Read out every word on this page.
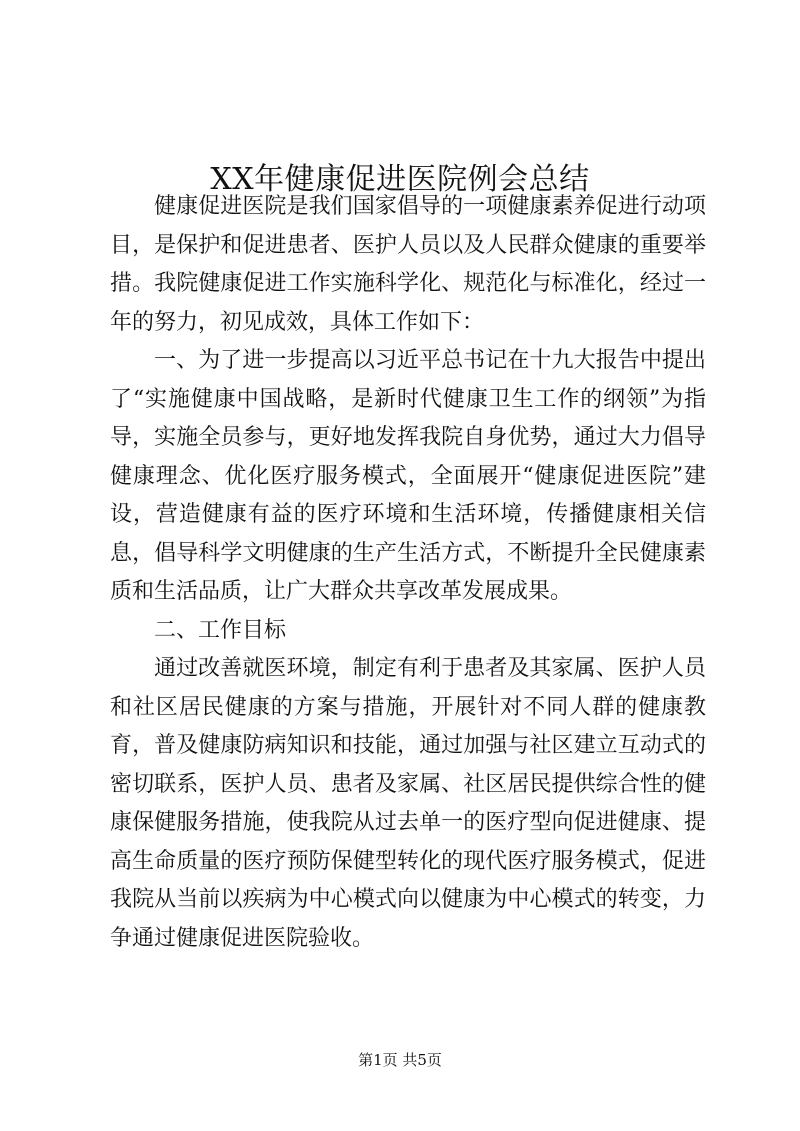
XX年健康促进医院例会总结

健康促进医院是我们国家倡导的一项健康素养促进行动项目，是保护和促进患者、医护人员以及人民群众健康的重要举措。我院健康促进工作实施科学化、规范化与标准化，经过一年的努力，初见成效，具体工作如下：

一、为了进一步提高以习近平总书记在十九大报告中提出了“实施健康中国战略，是新时代健康卫生工作的纲领”为指导，实施全员参与，更好地发挥我院自身优势，通过大力倡导健康理念、优化医疗服务模式，全面展开“健康促进医院”建设，营造健康有益的医疗环境和生活环境，传播健康相关信息，倡导科学文明健康的生产生活方式，不断提升全民健康素质和生活品质，让广大群众共享改革发展成果。

二、工作目标

通过改善就医环境，制定有利于患者及其家属、医护人员和社区居民健康的方案与措施，开展针对不同人群的健康教育，普及健康防病知识和技能，通过加强与社区建立互动式的密切联系，医护人员、患者及家属、社区居民提供综合性的健康保健服务措施，使我院从过去单一的医疗型向促进健康、提高生命质量的医疗预防保健型转化的现代医疗服务模式，促进我院从当前以疾病为中心模式向以健康为中心模式的转变，力争通过健康促进医院验收。

第1页 共5页
